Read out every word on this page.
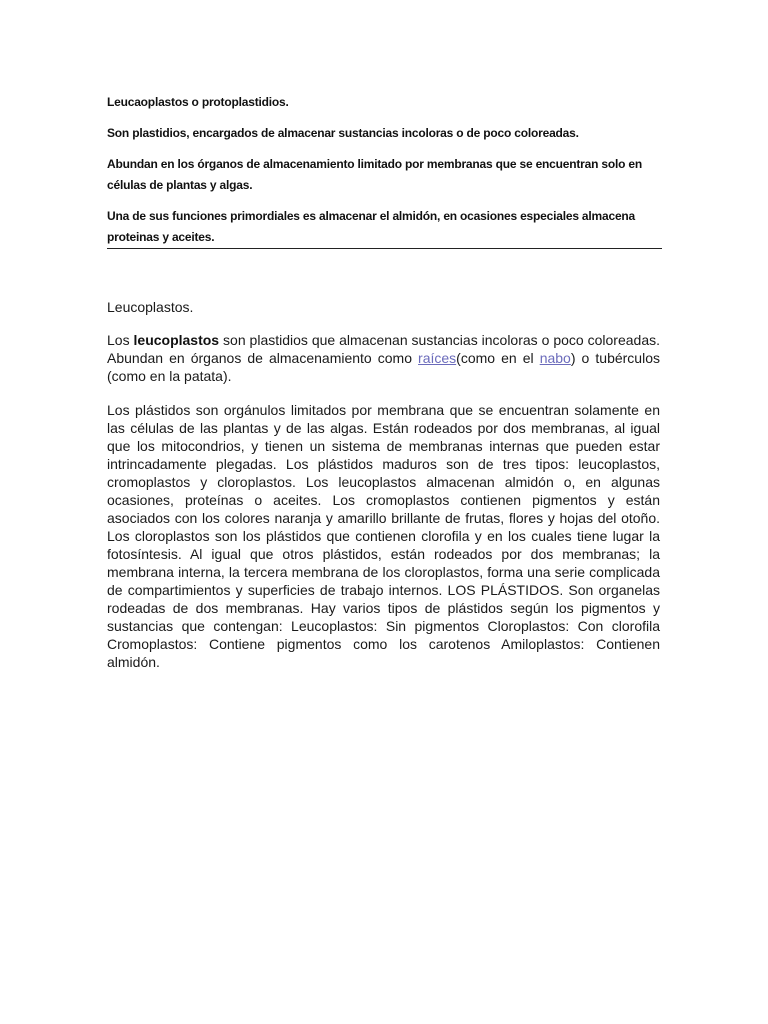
Leucaoplastos o protoplastidios.

Son plastidios, encargados de almacenar sustancias incoloras o de poco coloreadas.

Abundan en los órganos de almacenamiento limitado por membranas que se encuentran solo en células de plantas y algas.

Una de sus funciones primordiales es almacenar el almidón, en ocasiones especiales almacena proteinas y aceites.

Leucoplastos.

Los leucoplastos son plastidios que almacenan sustancias incoloras o poco coloreadas. Abundan en órganos de almacenamiento como raíces(como en el nabo) o tubérculos (como en la patata).

Los plástidos son orgánulos limitados por membrana que se encuentran solamente en las células de las plantas y de las algas. Están rodeados por dos membranas, al igual que los mitocondrios, y tienen un sistema de membranas internas que pueden estar intrincadamente plegadas. Los plástidos maduros son de tres tipos: leucoplastos, cromoplastos y cloroplastos. Los leucoplastos almacenan almidón o, en algunas ocasiones, proteínas o aceites. Los cromoplastos contienen pigmentos y están asociados con los colores naranja y amarillo brillante de frutas, flores y hojas del otoño. Los cloroplastos son los plástidos que contienen clorofila y en los cuales tiene lugar la fotosíntesis. Al igual que otros plástidos, están rodeados por dos membranas; la membrana interna, la tercera membrana de los cloroplastos, forma una serie complicada de compartimientos y superficies de trabajo internos. LOS PLÁSTIDOS. Son organelas rodeadas de dos membranas. Hay varios tipos de plástidos según los pigmentos y sustancias que contengan: Leucoplastos: Sin pigmentos Cloroplastos: Con clorofila Cromoplastos: Contiene pigmentos como los carotenos Amiloplastos: Contienen almidón.
